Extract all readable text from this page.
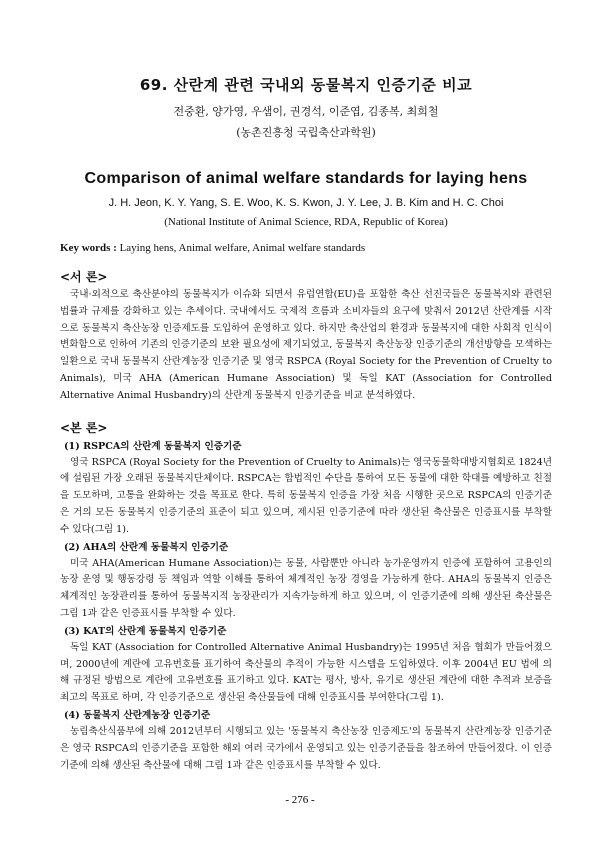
69. 산란계 관련 국내외 동물복지 인증기준 비교

전중환, 양가영, 우샘이, 권경석, 이준엽, 김종복, 최희철

(농촌진흥청 국립축산과학원)

Comparison of animal welfare standards for laying hens

J. H. Jeon, K. Y. Yang, S. E. Woo, K. S. Kwon, J. Y. Lee, J. B. Kim and H. C. Choi

(National Institute of Animal Science, RDA, Republic of Korea)

Key words : Laying hens, Animal welfare, Animal welfare standards

<서 론>

국내·외적으로 축산분야의 동물복지가 이슈화 되면서 유럽연합(EU)을 포함한 축산 선진국들은 동물복지와 관련된 법률과 규제를 강화하고 있는 추세이다. 국내에서도 국제적 흐름과 소비자들의 요구에 맞춰서 2012년 산란계를 시작으로 동물복지 축산농장 인증제도를 도입하여 운영하고 있다. 하지만 축산업의 환경과 동물복지에 대한 사회적 인식이 변화함으로 인하여 기존의 인증기준의 보완 필요성에 제기되었고, 동물복지 축산농장 인증기준의 개선방향을 모색하는 일환으로 국내 동물복지 산란계농장 인증기준 및 영국 RSPCA (Royal Society for the Prevention of Cruelty to Animals), 미국 AHA (American Humane Association) 및 독일 KAT (Association for Controlled Alternative Animal Husbandry)의 산란계 동물복지 인증기준을 비교 분석하였다.

<본 론>
(1) RSPCA의 산란계 동물복지 인증기준

영국 RSPCA (Royal Society for the Prevention of Cruelty to Animals)는 영국동물학대방지협회로 1824년에 설립된 가장 오래된 동물복지단체이다. RSPCA는 합법적인 수단을 통하여 모든 동물에 대한 학대를 예방하고 친절을 도모하며, 고통을 완화하는 것을 목표로 한다. 특히 동물복지 인증을 가장 처음 시행한 곳으로 RSPCA의 인증기준은 거의 모든 동물복지 인증기준의 표준이 되고 있으며, 제시된 인증기준에 따라 생산된 축산물은 인증표시를 부착할 수 있다(그림 1).

(2) AHA의 산란계 동물복지 인증기준

미국 AHA(American Humane Association)는 동물, 사람뿐만 아니라 농가운영까지 인증에 포함하여 고용인의 농장 운영 및 행동강령 등 책임과 역할 이해를 통하여 체계적인 농장 경영을 가능하게 한다. AHA의 동물복지 인증은 체계적인 농장관리를 통하여 동물복지적 농장관리가 지속가능하게 하고 있으며, 이 인증기준에 의해 생산된 축산물은 그림 1과 같은 인증표시를 부착할 수 있다.

(3) KAT의 산란계 동물복지 인증기준

독일 KAT (Association for Controlled Alternative Animal Husbandry)는 1995년 처음 협회가 만들어졌으며, 2000년에 계란에 고유번호를 표기하여 축산물의 추적이 가능한 시스템을 도입하였다. 이후 2004년 EU 법에 의해 규정된 방법으로 계란에 고유번호를 표기하고 있다. KAT는 평사, 방사, 유기로 생산된 계란에 대한 추적과 보증을 최고의 목표로 하며, 각 인증기준으로 생산된 축산물들에 대해 인증표시를 부여한다(그림 1).

(4) 동물복지 산란계농장 인증기준

농림축산식품부에 의해 2012년부터 시행되고 있는 '동물복지 축산농장 인증제도'의 동물복지 산란계농장 인증기준은 영국 RSPCA의 인증기준을 포함한 해외 여러 국가에서 운영되고 있는 인증기준들을 참조하여 만들어졌다. 이 인증기준에 의해 생산된 축산물에 대해 그림 1과 같은 인증표시를 부착할 수 있다.

- 276 -
